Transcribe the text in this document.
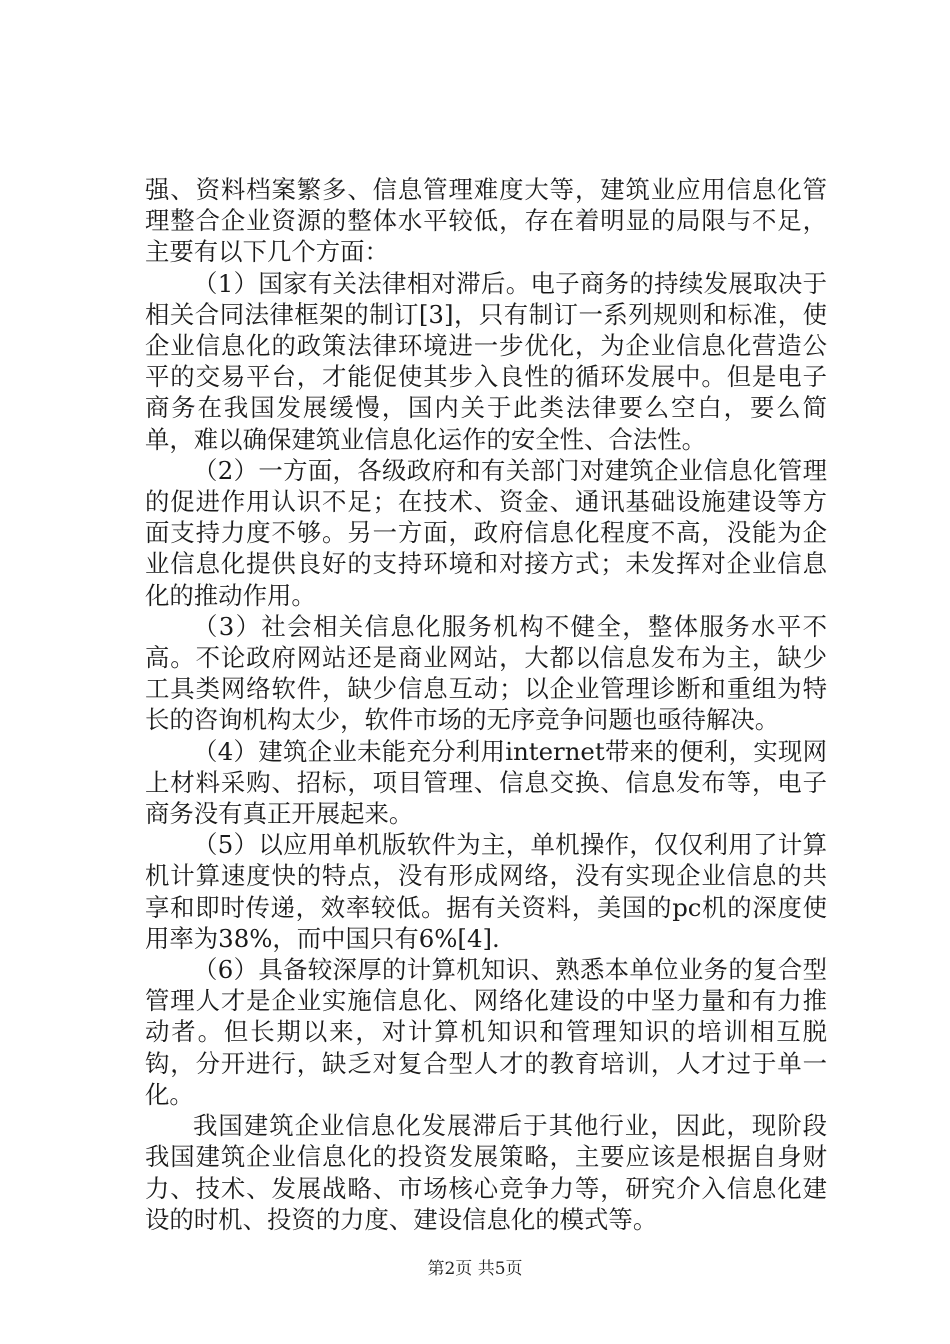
强、资料档案繁多、信息管理难度大等，建筑业应用信息化管理整合企业资源的整体水平较低，存在着明显的局限与不足，主要有以下几个方面：

（1）国家有关法律相对滞后。电子商务的持续发展取决于相关合同法律框架的制订[3]，只有制订一系列规则和标准，使企业信息化的政策法律环境进一步优化，为企业信息化营造公平的交易平台，才能促使其步入良性的循环发展中。但是电子商务在我国发展缓慢，国内关于此类法律要么空白，要么简单，难以确保建筑业信息化运作的安全性、合法性。

（2）一方面，各级政府和有关部门对建筑企业信息化管理的促进作用认识不足；在技术、资金、通讯基础设施建设等方面支持力度不够。另一方面，政府信息化程度不高，没能为企业信息化提供良好的支持环境和对接方式；未发挥对企业信息化的推动作用。

（3）社会相关信息化服务机构不健全，整体服务水平不高。不论政府网站还是商业网站，大都以信息发布为主，缺少工具类网络软件，缺少信息互动；以企业管理诊断和重组为特长的咨询机构太少，软件市场的无序竞争问题也亟待解决。

（4）建筑企业未能充分利用internet带来的便利，实现网上材料采购、招标，项目管理、信息交换、信息发布等，电子商务没有真正开展起来。

（5）以应用单机版软件为主，单机操作，仅仅利用了计算机计算速度快的特点，没有形成网络，没有实现企业信息的共享和即时传递，效率较低。据有关资料，美国的pc机的深度使用率为38%，而中国只有6%[4].

（6）具备较深厚的计算机知识、熟悉本单位业务的复合型管理人才是企业实施信息化、网络化建设的中坚力量和有力推动者。但长期以来，对计算机知识和管理知识的培训相互脱钩，分开进行，缺乏对复合型人才的教育培训，人才过于单一化。

我国建筑企业信息化发展滞后于其他行业，因此，现阶段我国建筑企业信息化的投资发展策略，主要应该是根据自身财力、技术、发展战略、市场核心竞争力等，研究介入信息化建设的时机、投资的力度、建设信息化的模式等。

第2页 共5页
